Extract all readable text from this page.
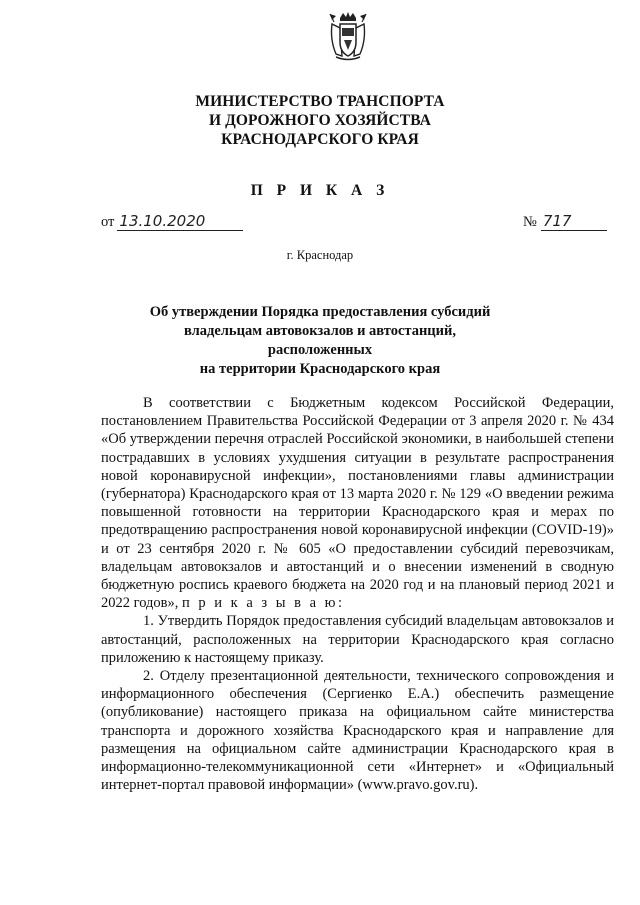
МИНИСТЕРСТВО ТРАНСПОРТА
И ДОРОЖНОГО ХОЗЯЙСТВА
КРАСНОДАРСКОГО КРАЯ
П Р И К А З
от 13.10.2020	№ 717
г. Краснодар
Об утверждении Порядка предоставления субсидий
владельцам автовокзалов и автостанций, расположенных
на территории Краснодарского края

В соответствии с Бюджетным кодексом Российской Федерации, постановлением Правительства Российской Федерации от 3 апреля 2020 г. № 434 «Об утверждении перечня отраслей Российской экономики, в наибольшей степени пострадавших в условиях ухудшения ситуации в результате распространения новой коронавирусной инфекции», постановлениями главы администрации (губернатора) Краснодарского края от 13 марта 2020 г. № 129 «О введении режима повышенной готовности на территории Краснодарского края и мерах по предотвращению распространения новой коронавирусной инфекции (COVID-19)» и от 23 сентября 2020 г. № 605 «О предоставлении субсидий перевозчикам, владельцам автовокзалов и автостанций и о внесении изменений в сводную бюджетную роспись краевого бюджета на 2020 год и на плановый период 2021 и 2022 годов», п р и к а з ы в а ю:

1. Утвердить Порядок предоставления субсидий владельцам автовокзалов и автостанций, расположенных на территории Краснодарского края согласно приложению к настоящему приказу.

2. Отделу презентационной деятельности, технического сопровождения и информационного обеспечения (Сергиенко Е.А.) обеспечить размещение (опубликование) настоящего приказа на официальном сайте министерства транспорта и дорожного хозяйства Краснодарского края и направление для размещения на официальном сайте администрации Краснодарского края в информационно-телекоммуникационной сети «Интернет» и «Официальный интернет-портал правовой информации» (www.pravo.gov.ru).
